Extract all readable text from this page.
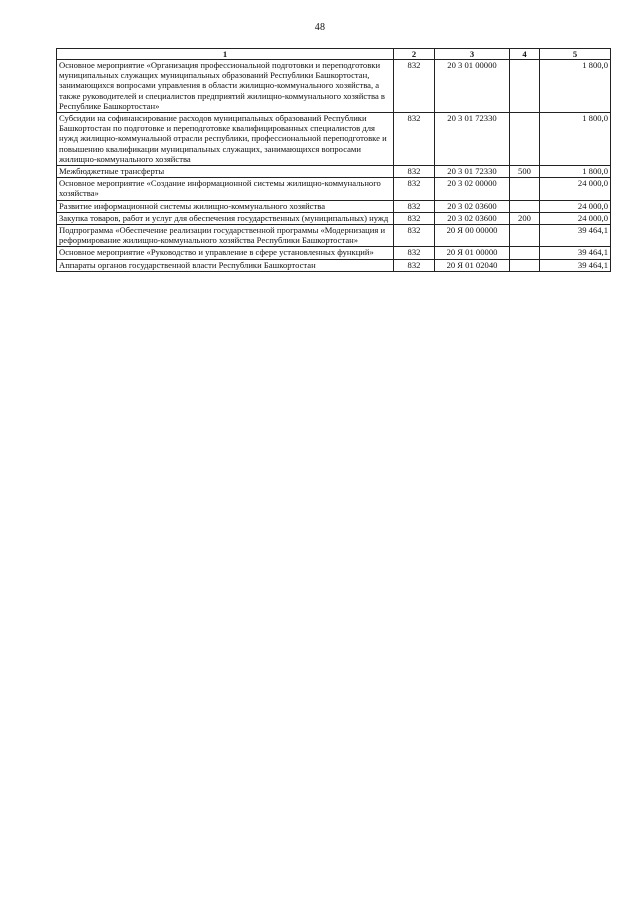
48
1	2	3	4	5
Основное мероприятие «Организация профессиональной подготовки и переподготовки муниципальных служащих муниципальных образований Республики Башкортостан, занимающихся вопросами управления в области жилищно-коммунального хозяйства, а также руководителей и специалистов предприятий жилищно-коммунального хозяйства в Республике Башкортостан»	832	20 3 01 00000		1 800,0
Субсидии на софинансирование расходов муниципальных образований Республики Башкортостан по подготовке и переподготовке квалифицированных специалистов для нужд жилищно-коммунальной отрасли республики, профессиональной переподготовке и повышению квалификации муниципальных служащих, занимающихся вопросами жилищно-коммунального хозяйства	832	20 3 01 72330		1 800,0
Межбюджетные трансферты	832	20 3 01 72330	500	1 800,0
Основное мероприятие «Создание информационной системы жилищно-коммунального хозяйства»	832	20 3 02 00000		24 000,0
Развитие информационной системы жилищно-коммунального хозяйства	832	20 3 02 03600		24 000,0
Закупка товаров, работ и услуг для обеспечения государственных (муниципальных) нужд	832	20 3 02 03600	200	24 000,0
Подпрограмма «Обеспечение реализации государственной программы «Модернизация и реформирование жилищно-коммунального хозяйства Республики Башкортостан»	832	20 Я 00 00000		39 464,1
Основное мероприятие «Руководство и управление в сфере установленных функций»	832	20 Я 01 00000		39 464,1
Аппараты органов государственной власти Республики Башкортостан	832	20 Я 01 02040		39 464,1
